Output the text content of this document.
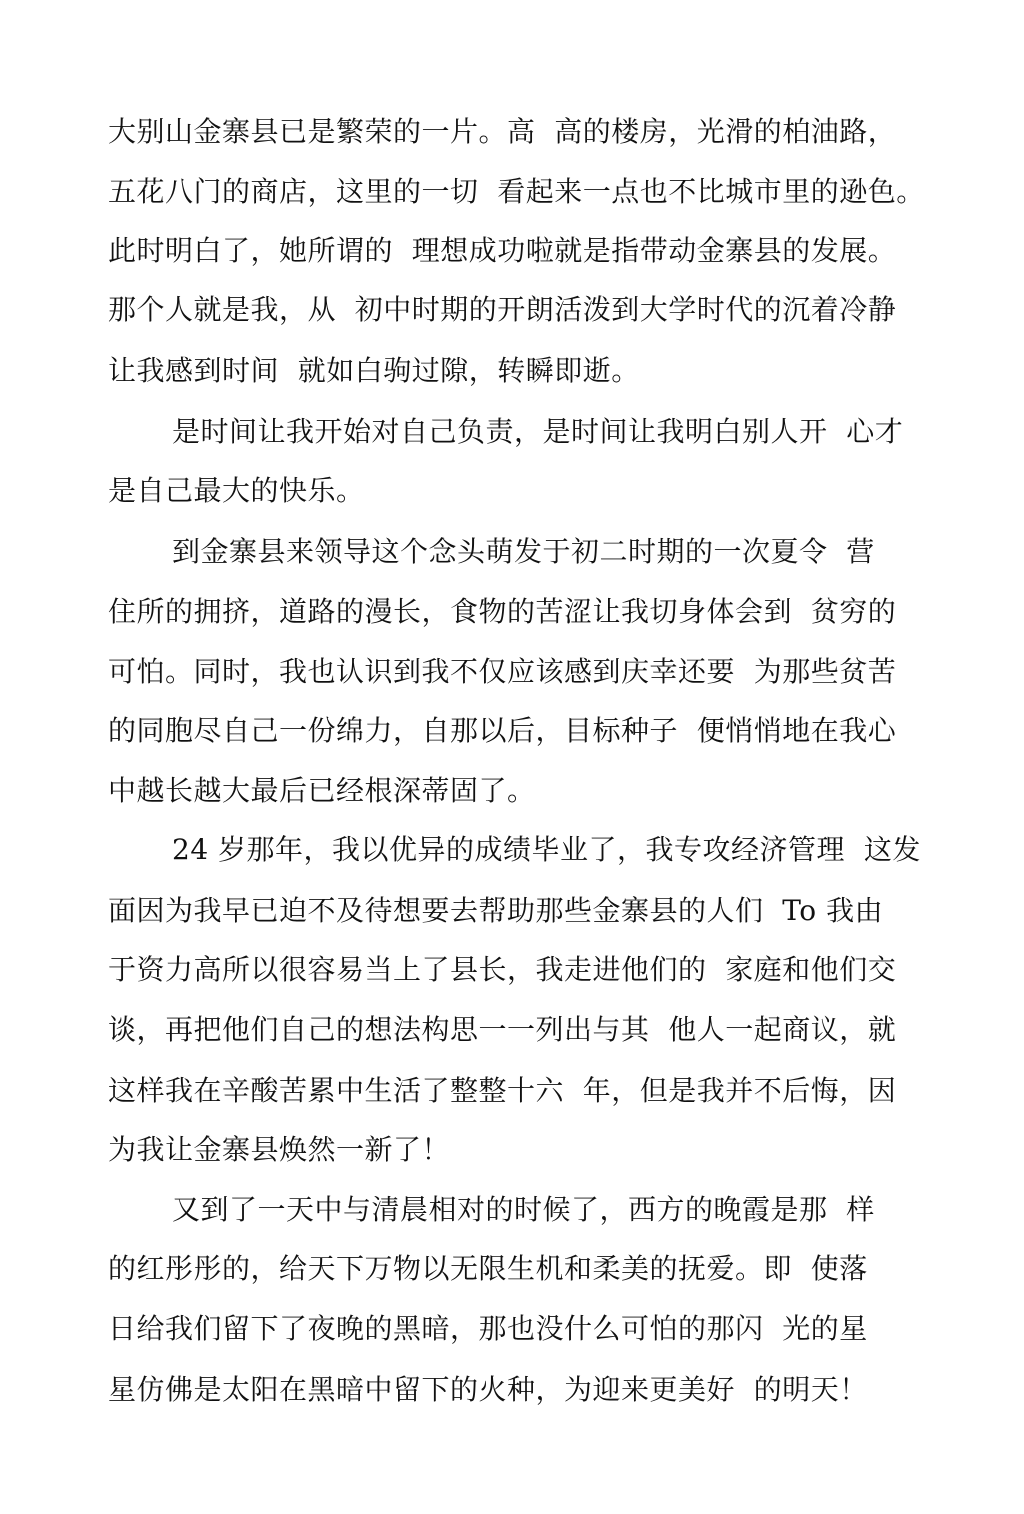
大别山金寨县已是繁荣的一片。高  高的楼房，光滑的柏油路，
五花八门的商店，这里的一切  看起来一点也不比城市里的逊色。
此时明白了，她所谓的  理想成功啦就是指带动金寨县的发展。
那个人就是我，从  初中时期的开朗活泼到大学时代的沉着冷静
让我感到时间  就如白驹过隙，转瞬即逝。
是时间让我开始对自己负责，是时间让我明白别人开  心才
是自己最大的快乐。
到金寨县来领导这个念头萌发于初二时期的一次夏令  营
住所的拥挤，道路的漫长，食物的苦涩让我切身体会到  贫穷的
可怕。同时，我也认识到我不仅应该感到庆幸还要  为那些贫苦
的同胞尽自己一份绵力，自那以后，目标种子  便悄悄地在我心
中越长越大最后已经根深蒂固了。
24 岁那年，我以优异的成绩毕业了，我专攻经济管理  这发
面因为我早已迫不及待想要去帮助那些金寨县的人们  To 我由
于资力高所以很容易当上了县长，我走进他们的  家庭和他们交
谈，再把他们自己的想法构思一一列出与其  他人一起商议，就
这样我在辛酸苦累中生活了整整十六  年，但是我并不后悔，因
为我让金寨县焕然一新了！
又到了一天中与清晨相对的时候了，西方的晚霞是那  样
的红彤彤的，给天下万物以无限生机和柔美的抚爱。即  使落
日给我们留下了夜晚的黑暗，那也没什么可怕的那闪  光的星
星仿佛是太阳在黑暗中留下的火种，为迎来更美好  的明天！
